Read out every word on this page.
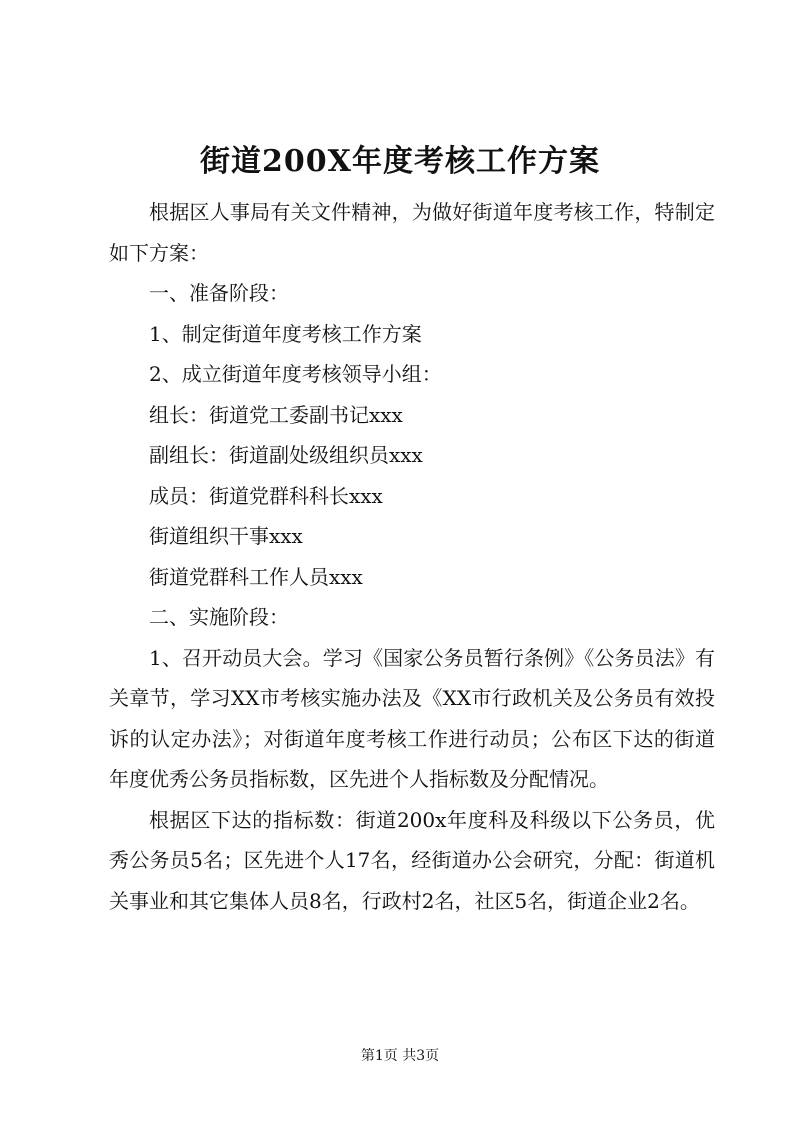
街道200X年度考核工作方案

根据区人事局有关文件精神，为做好街道年度考核工作，特制定如下方案：

一、准备阶段：

1、制定街道年度考核工作方案

2、成立街道年度考核领导小组：

组长：街道党工委副书记xxx

副组长：街道副处级组织员xxx

成员：街道党群科科长xxx

街道组织干事xxx

街道党群科工作人员xxx

二、实施阶段：

1、召开动员大会。学习《国家公务员暂行条例》《公务员法》有关章节，学习XX市考核实施办法及《XX市行政机关及公务员有效投诉的认定办法》；对街道年度考核工作进行动员；公布区下达的街道年度优秀公务员指标数，区先进个人指标数及分配情况。

根据区下达的指标数：街道200x年度科及科级以下公务员，优秀公务员5名；区先进个人17名，经街道办公会研究，分配：街道机关事业和其它集体人员8名，行政村2名，社区5名，街道企业2名。

第1页 共3页
